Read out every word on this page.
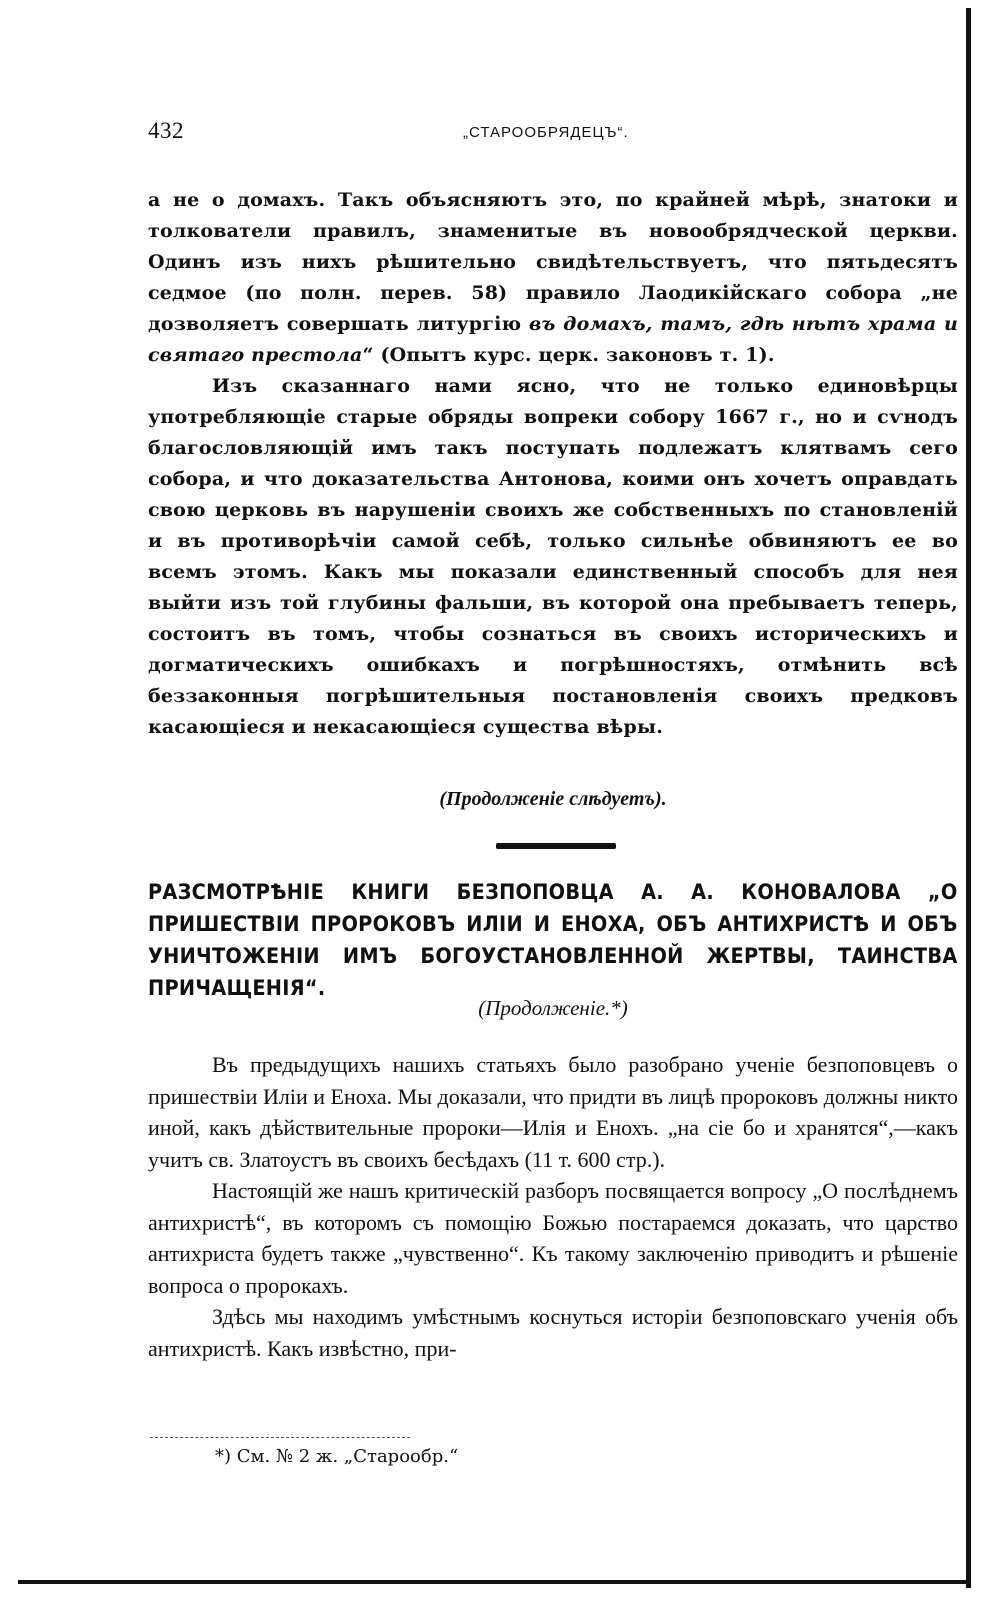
432	„СТАРООБРЯДЕЦЪ“.

а не о домахъ. Такъ объясняютъ это, по крайней мѣрѣ, знатоки и толкователи правилъ, знаменитые въ новообрядческой церкви. Одинъ изъ нихъ рѣшительно свидѣтельствуетъ, что пятьдесятъ седмое (по полн. перев. 58) правило Лаодикійскаго собора „не дозволяетъ совершать литургію въ домахъ, тамъ, гдѣ нѣтъ храма и святаго престола“ (Опытъ курс. церк. законовъ т. 1).

Изъ сказаннаго нами ясно, что не только единовѣрцы употребляющіе старые обряды вопреки собору 1667 г., но и сѵнодъ благословляющій имъ такъ поступать подлежатъ клятвамъ сего собора, и что доказательства Антонова, коими онъ хочетъ оправдать свою церковь въ нарушеніи своихъ же собственныхъ по становленій и въ противорѣчіи самой себѣ, только сильнѣе обвиняютъ ее во всемъ этомъ. Какъ мы показали единственный способъ для нея выйти изъ той глубины фальши, въ которой она пребываетъ теперь, состоитъ въ томъ, чтобы сознаться въ своихъ историческихъ и догматическихъ ошибкахъ и погрѣшностяхъ, отмѣнить всѣ беззаконныя погрѣшительныя постановленія своихъ предковъ касающіеся и некасающіеся существа вѣры.

(Продолженіе слѣдуетъ).
РАЗСМОТРѢНІЕ КНИГИ БЕЗПОПОВЦА А. А. КОНОВАЛОВА „О ПРИШЕСТВІИ ПРОРОКОВЪ ИЛІИ И ЕНОХА, ОБЪ АНТИХРИСТѢ И ОБЪ УНИЧТОЖЕНІИ ИМЪ БОГОУСТАНОВЛЕННОЙ ЖЕРТВЫ, ТАИНСТВА ПРИЧАЩЕНІЯ“.
(Продолженіе.*)

Въ предыдущихъ нашихъ статьяхъ было разобрано ученіе безпоповцевъ о пришествіи Иліи и Еноха. Мы доказали, что придти въ лицѣ пророковъ должны никто иной, какъ дѣйствительные пророки—Илія и Енохъ. „на сіе бо и хранятся“,—какъ учитъ св. Златоустъ въ своихъ бесѣдахъ (11 т. 600 стр.).

Настоящій же нашъ критическій разборъ посвящается вопросу „О послѣднемъ антихристѣ“, въ которомъ съ помощію Божью постараемся доказать, что царство антихриста будетъ также „чувственно“. Къ такому заключенію приводитъ и рѣшеніе вопроса о пророкахъ.

Здѣсь мы находимъ умѣстнымъ коснуться исторіи безпоповскаго ученія объ антихристѣ. Какъ извѣстно, при-

*) См. № 2 ж. „Старообр.“
